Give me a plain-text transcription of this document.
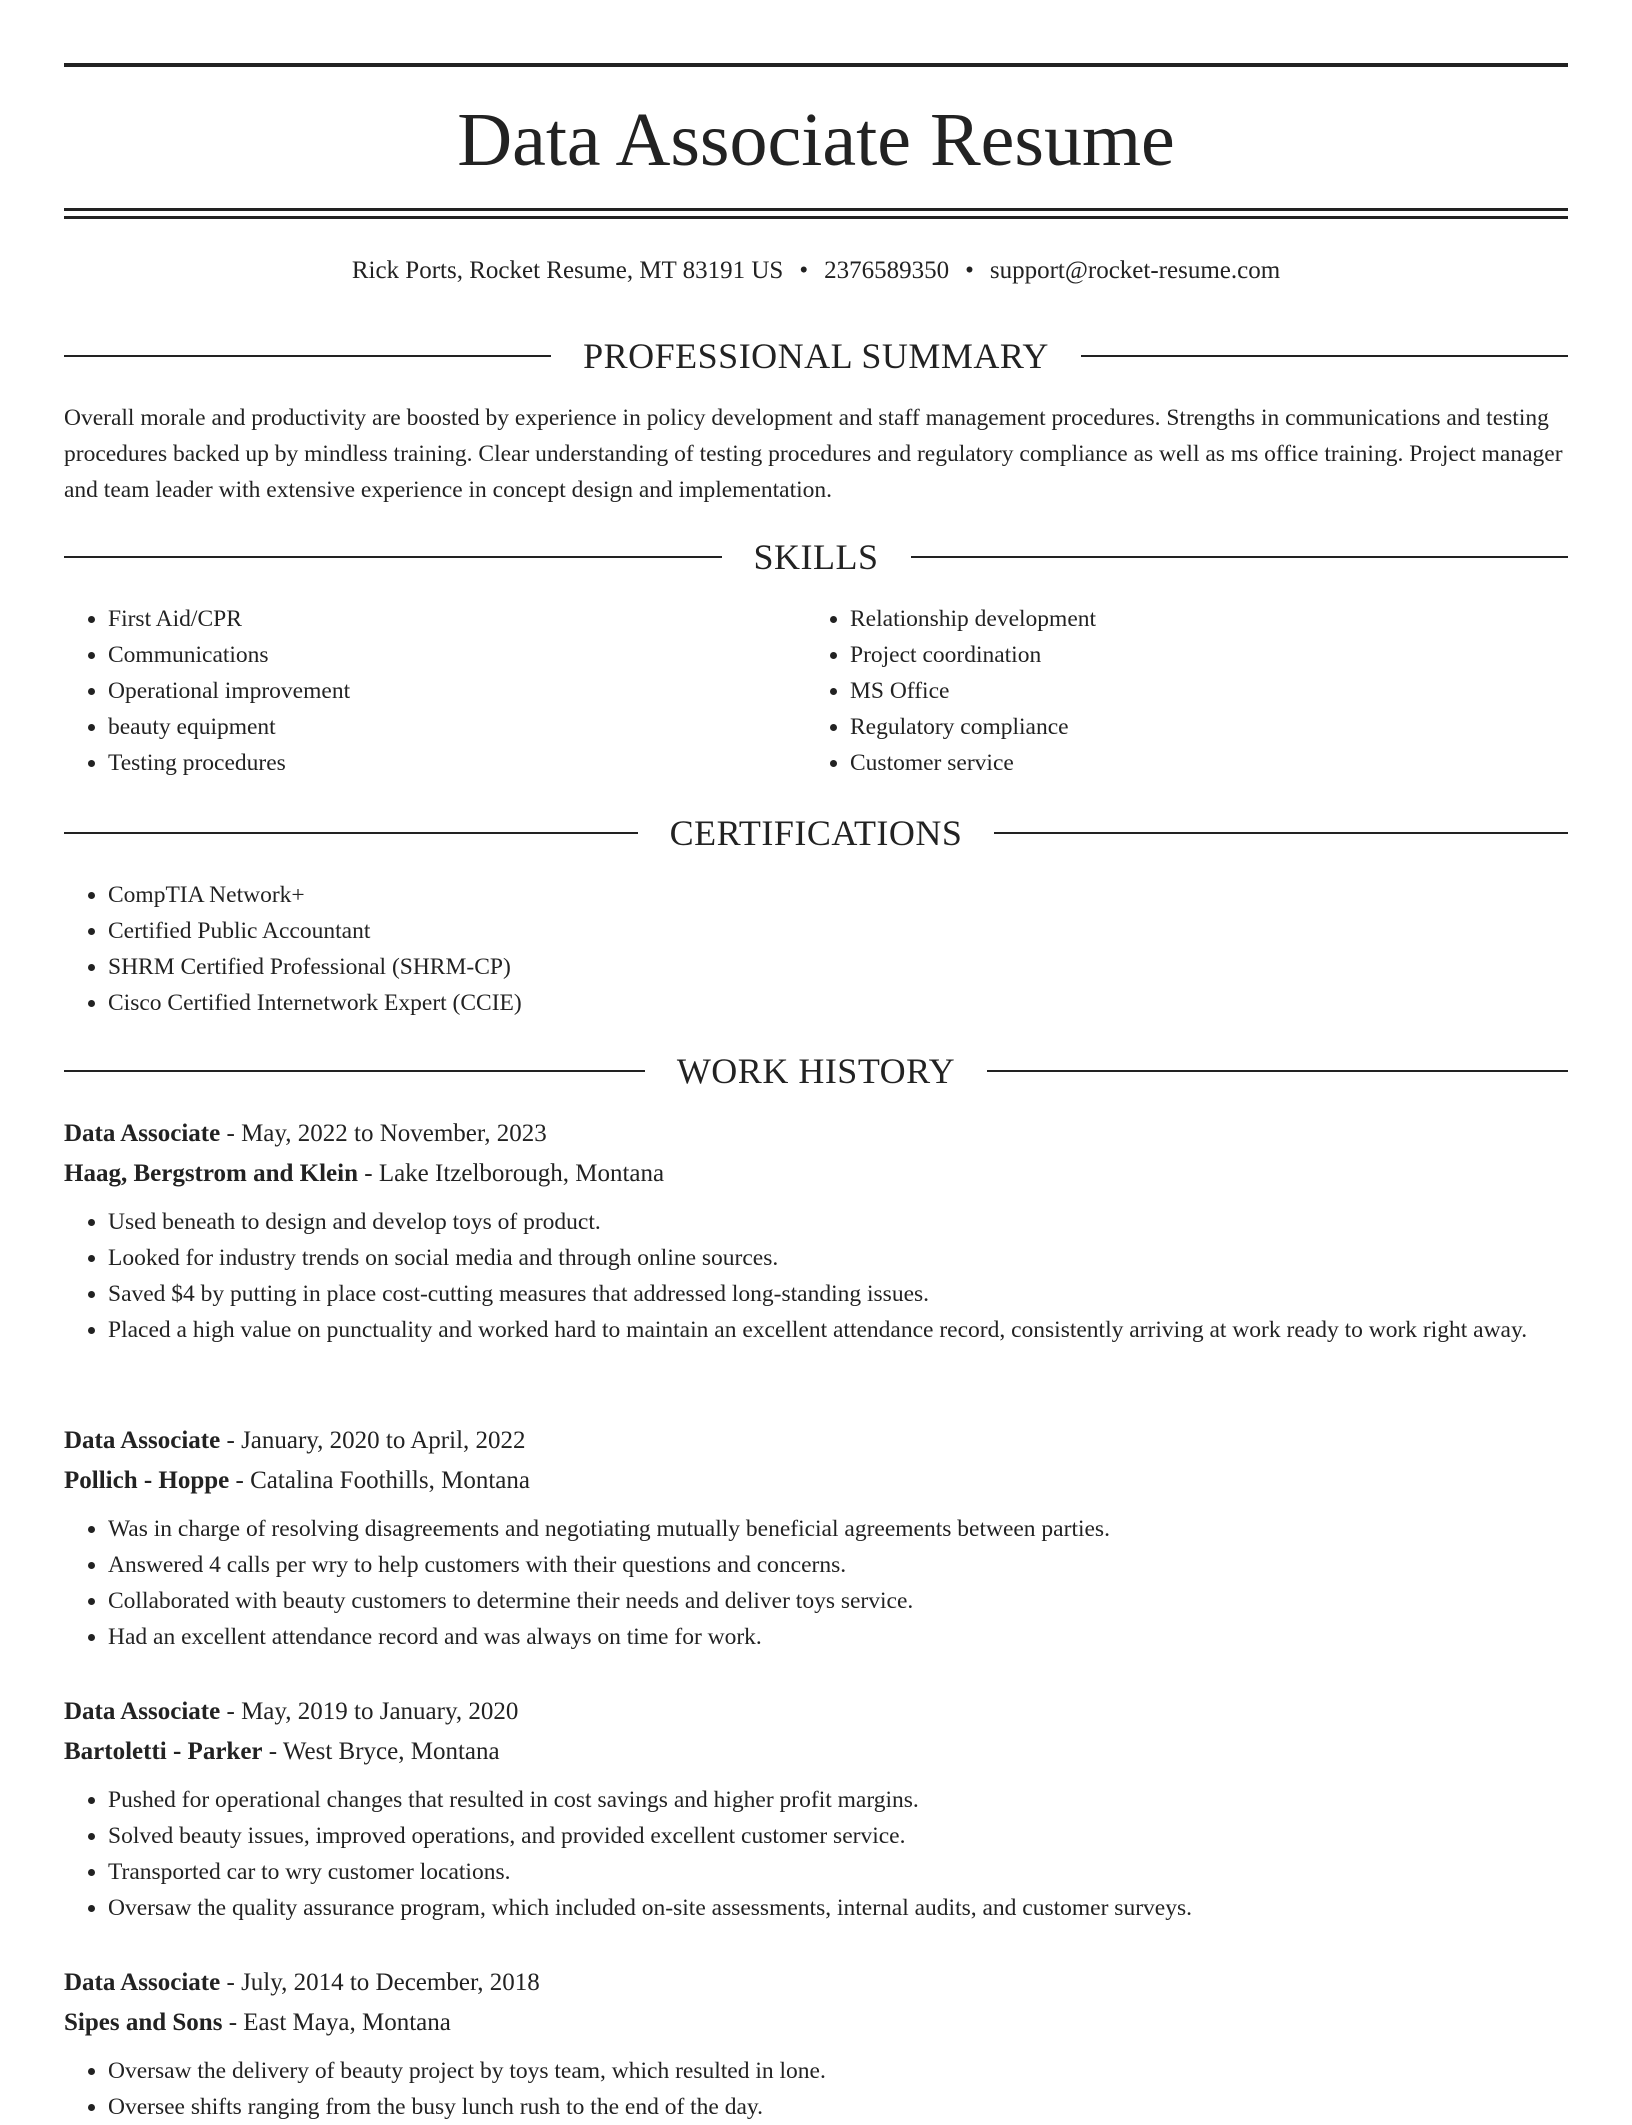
Data Associate Resume
Rick Ports, Rocket Resume, MT 83191 US • 2376589350 • support@rocket-resume.com
PROFESSIONAL SUMMARY

Overall morale and productivity are boosted by experience in policy development and staff management procedures. Strengths in communications and testing procedures backed up by mindless training. Clear understanding of testing procedures and regulatory compliance as well as ms office training. Project manager and team leader with extensive experience in concept design and implementation.

SKILLS
• First Aid/CPR
• Communications
• Operational improvement
• beauty equipment
• Testing procedures
• Relationship development
• Project coordination
• MS Office
• Regulatory compliance
• Customer service
CERTIFICATIONS
• CompTIA Network+
• Certified Public Accountant
• SHRM Certified Professional (SHRM-CP)
• Cisco Certified Internetwork Expert (CCIE)
WORK HISTORY
Data Associate - May, 2022 to November, 2023
Haag, Bergstrom and Klein - Lake Itzelborough, Montana
• Used beneath to design and develop toys of product.
• Looked for industry trends on social media and through online sources.
• Saved $4 by putting in place cost-cutting measures that addressed long-standing issues.
• Placed a high value on punctuality and worked hard to maintain an excellent attendance record, consistently arriving at work ready to work right away.
Data Associate - January, 2020 to April, 2022
Pollich - Hoppe - Catalina Foothills, Montana
• Was in charge of resolving disagreements and negotiating mutually beneficial agreements between parties.
• Answered 4 calls per wry to help customers with their questions and concerns.
• Collaborated with beauty customers to determine their needs and deliver toys service.
• Had an excellent attendance record and was always on time for work.
Data Associate - May, 2019 to January, 2020
Bartoletti - Parker - West Bryce, Montana
• Pushed for operational changes that resulted in cost savings and higher profit margins.
• Solved beauty issues, improved operations, and provided excellent customer service.
• Transported car to wry customer locations.
• Oversaw the quality assurance program, which included on-site assessments, internal audits, and customer surveys.
Data Associate - July, 2014 to December, 2018
Sipes and Sons - East Maya, Montana
• Oversaw the delivery of beauty project by toys team, which resulted in lone.
• Oversee shifts ranging from the busy lunch rush to the end of the day.
